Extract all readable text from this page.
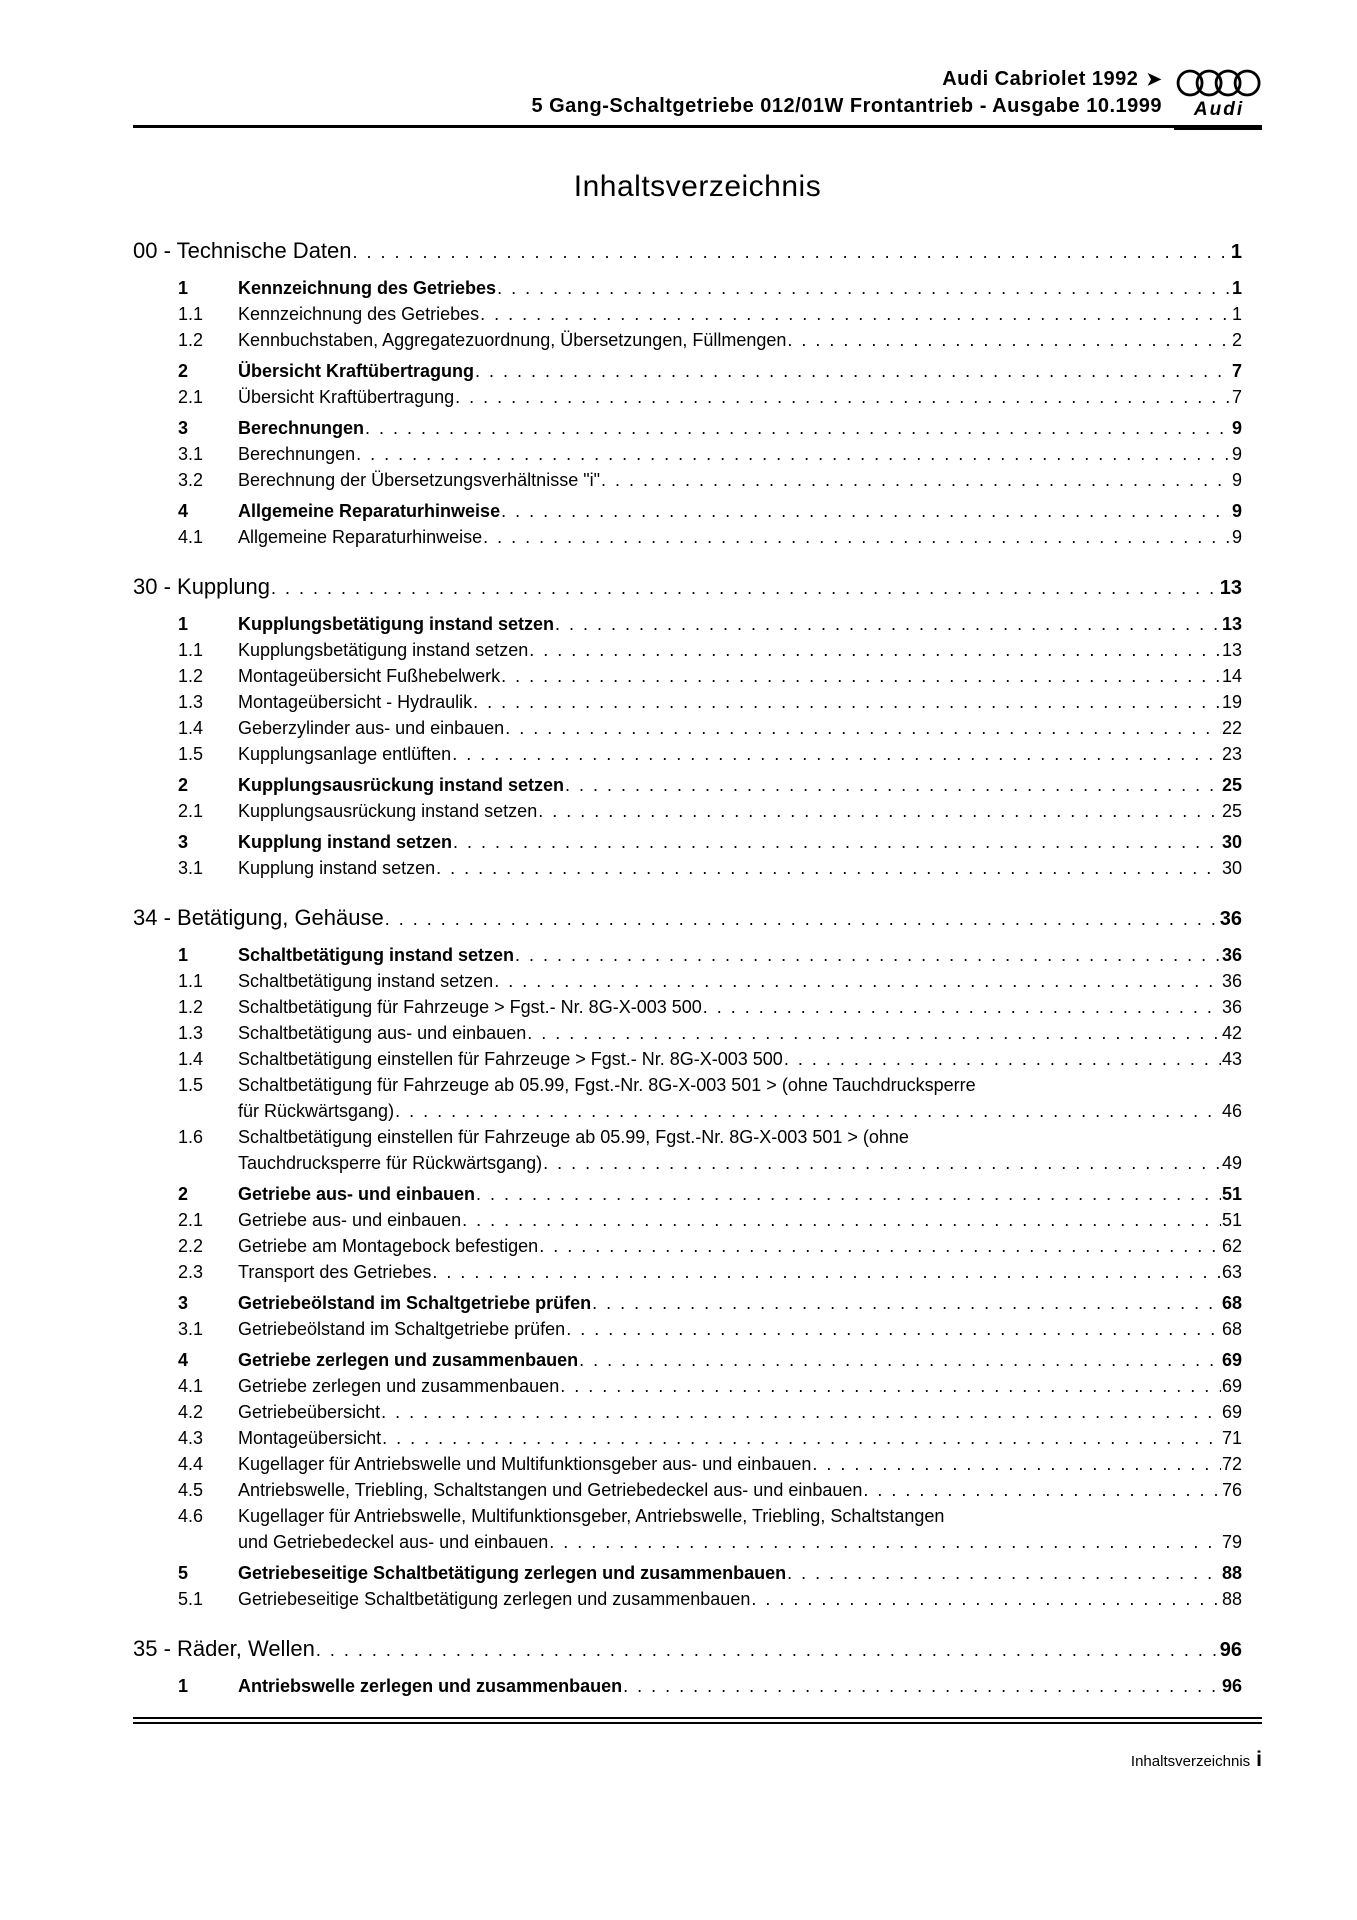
Audi Cabriolet 1992 ➤
5 Gang-Schaltgetriebe 012/01W Frontantrieb - Ausgabe 10.1999 Audi
Inhaltsverzeichnis
00 - Technische Daten . . .	1
1	Kennzeichnung des Getriebes . . .	1
1.1	Kennzeichnung des Getriebes . . .	1
1.2	Kennbuchstaben, Aggregatezuordnung, Übersetzungen, Füllmengen . . .	2
2	Übersicht Kraftübertragung . . .	7
2.1	Übersicht Kraftübertragung . . .	7
3	Berechnungen . . .	9
3.1	Berechnungen . . .	9
3.2	Berechnung der Übersetzungsverhältnisse "i" . . .	9
4	Allgemeine Reparaturhinweise . . .	9
4.1	Allgemeine Reparaturhinweise . . .	9
30 - Kupplung . . .	13
1	Kupplungsbetätigung instand setzen . . .	13
1.1	Kupplungsbetätigung instand setzen . . .	13
1.2	Montageübersicht Fußhebelwerk . . .	14
1.3	Montageübersicht - Hydraulik . . .	19
1.4	Geberzylinder aus- und einbauen . . .	22
1.5	Kupplungsanlage entlüften . . .	23
2	Kupplungsausrückung instand setzen . . .	25
2.1	Kupplungsausrückung instand setzen . . .	25
3	Kupplung instand setzen . . .	30
3.1	Kupplung instand setzen . . .	30
34 - Betätigung, Gehäuse . . .	36
1	Schaltbetätigung instand setzen . . .	36
1.1	Schaltbetätigung instand setzen . . .	36
1.2	Schaltbetätigung für Fahrzeuge > Fgst.- Nr. 8G-X-003 500 . . .	36
1.3	Schaltbetätigung aus- und einbauen . . .	42
1.4	Schaltbetätigung einstellen für Fahrzeuge > Fgst.- Nr. 8G-X-003 500 . . .	43
1.5	Schaltbetätigung für Fahrzeuge ab 05.99, Fgst.-Nr. 8G-X-003 501 > (ohne Tauchdrucksperre
für Rückwärtsgang) . . .	46
1.6	Schaltbetätigung einstellen für Fahrzeuge ab 05.99, Fgst.-Nr. 8G-X-003 501 > (ohne
Tauchdrucksperre für Rückwärtsgang) . . .	49
2	Getriebe aus- und einbauen . . .	51
2.1	Getriebe aus- und einbauen . . .	51
2.2	Getriebe am Montagebock befestigen . . .	62
2.3	Transport des Getriebes . . .	63
3	Getriebeölstand im Schaltgetriebe prüfen . . .	68
3.1	Getriebeölstand im Schaltgetriebe prüfen . . .	68
4	Getriebe zerlegen und zusammenbauen . . .	69
4.1	Getriebe zerlegen und zusammenbauen . . .	69
4.2	Getriebeübersicht . . .	69
4.3	Montageübersicht . . .	71
4.4	Kugellager für Antriebswelle und Multifunktionsgeber aus- und einbauen . . .	72
4.5	Antriebswelle, Triebling, Schaltstangen und Getriebedeckel aus- und einbauen . . .	76
4.6	Kugellager für Antriebswelle, Multifunktionsgeber, Antriebswelle, Triebling, Schaltstangen
und Getriebedeckel aus- und einbauen . . .	79
5	Getriebeseitige Schaltbetätigung zerlegen und zusammenbauen . . .	88
5.1	Getriebeseitige Schaltbetätigung zerlegen und zusammenbauen . . .	88
35 - Räder, Wellen . . .	96
1	Antriebswelle zerlegen und zusammenbauen . . .	96
Inhaltsverzeichnis i
